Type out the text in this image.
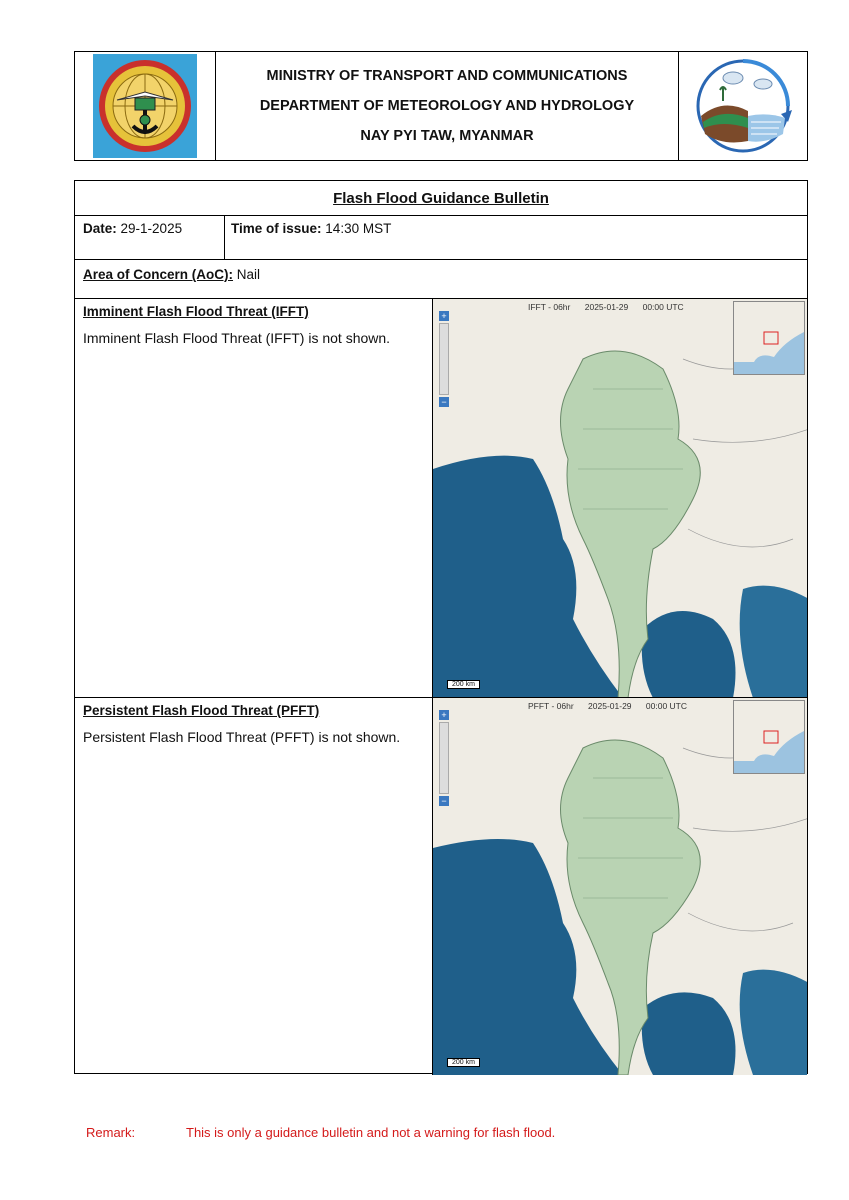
MINISTRY OF TRANSPORT AND COMMUNICATIONS
DEPARTMENT OF METEOROLOGY AND HYDROLOGY
NAY PYI TAW, MYANMAR
Flash Flood Guidance Bulletin
Date: 29-1-2025	Time of issue: 14:30 MST
Area of Concern (AoC): Nail
Imminent Flash Flood Threat (IFFT)
Imminent Flash Flood Threat (IFFT) is not shown.
IFFT - 06hr 2025-01-29 00:00 UTC
+
−
200 km
Persistent Flash Flood Threat (PFFT)
Persistent Flash Flood Threat (PFFT) is not shown.
PFFT - 06hr 2025-01-29 00:00 UTC
+
−
200 km
Remark:	This is only a guidance bulletin and not a warning for flash flood.
